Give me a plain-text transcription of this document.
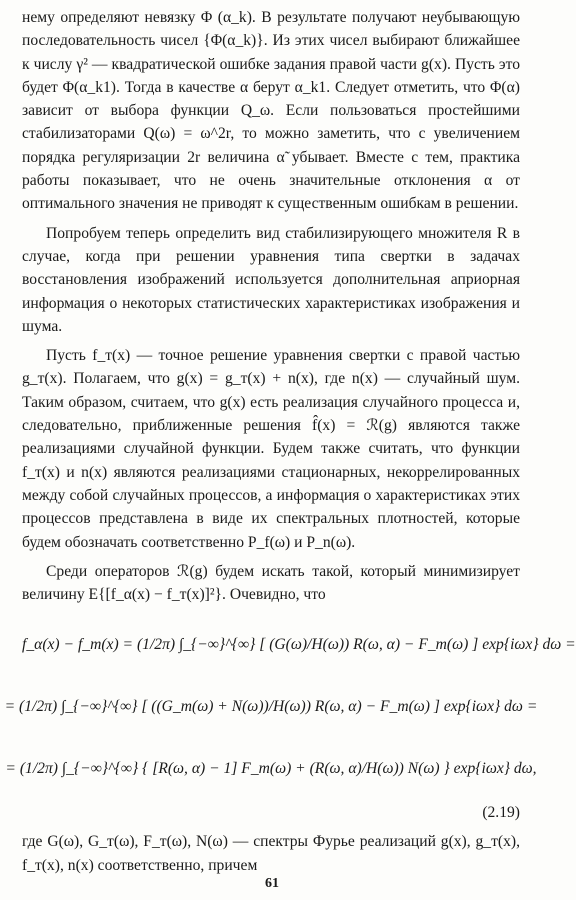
нему определяют невязку Φ (α_k). В результате получают неубывающую последовательность чисел {Φ(α_k)}. Из этих чисел выбирают ближайшее к числу γ² — квадратической ошибке задания правой части g(x). Пусть это будет Φ(α_k1). Тогда в качестве α берут α_k1. Следует отметить, что Φ(α) зависит от выбора функции Q_ω. Если пользоваться простейшими стабилизаторами Q(ω) = ω^2r, то можно заметить, что с увеличением порядка регуляризации 2r величина α̃ убывает. Вместе с тем, практика работы показывает, что не очень значительные отклонения α от оптимального значения не приводят к существенным ошибкам в решении.

Попробуем теперь определить вид стабилизирующего множителя R в случае, когда при решении уравнения типа свертки в задачах восстановления изображений используется дополнительная априорная информация о некоторых статистических характеристиках изображения и шума.

Пусть f_т(x) — точное решение уравнения свертки с правой частью g_т(x). Полагаем, что g(x) = g_т(x) + n(x), где n(x) — случайный шум. Таким образом, считаем, что g(x) есть реализация случайного процесса и, следовательно, приближенные решения f̂(x) = ℛ(g) являются также реализациями случайной функции. Будем также считать, что функции f_т(x) и n(x) являются реализациями стационарных, некоррелированных между собой случайных процессов, а информация о характеристиках этих процессов представлена в виде их спектральных плотностей, которые будем обозначать соответственно P_f(ω) и P_n(ω).

Среди операторов ℛ(g) будем искать такой, который минимизирует величину E{[f_α(x) − f_т(x)]²}. Очевидно, что

f_α(x) − f_т(x) = (1/2π) ∫_{−∞}^{∞} [ (G(ω)/H(ω)) R(ω, α) − F_т(ω) ] exp{iωx} dω =
= (1/2π) ∫_{−∞}^{∞} [ ((G_т(ω) + N(ω))/H(ω)) R(ω, α) − F_т(ω) ] exp{iωx} dω =
= (1/2π) ∫_{−∞}^{∞} { [R(ω, α) − 1] F_т(ω) + (R(ω, α)/H(ω)) N(ω) } exp{iωx} dω,
(2.19)

где G(ω), G_т(ω), F_т(ω), N(ω) — спектры Фурье реализаций g(x), g_т(x), f_т(x), n(x) соответственно, причем

61
